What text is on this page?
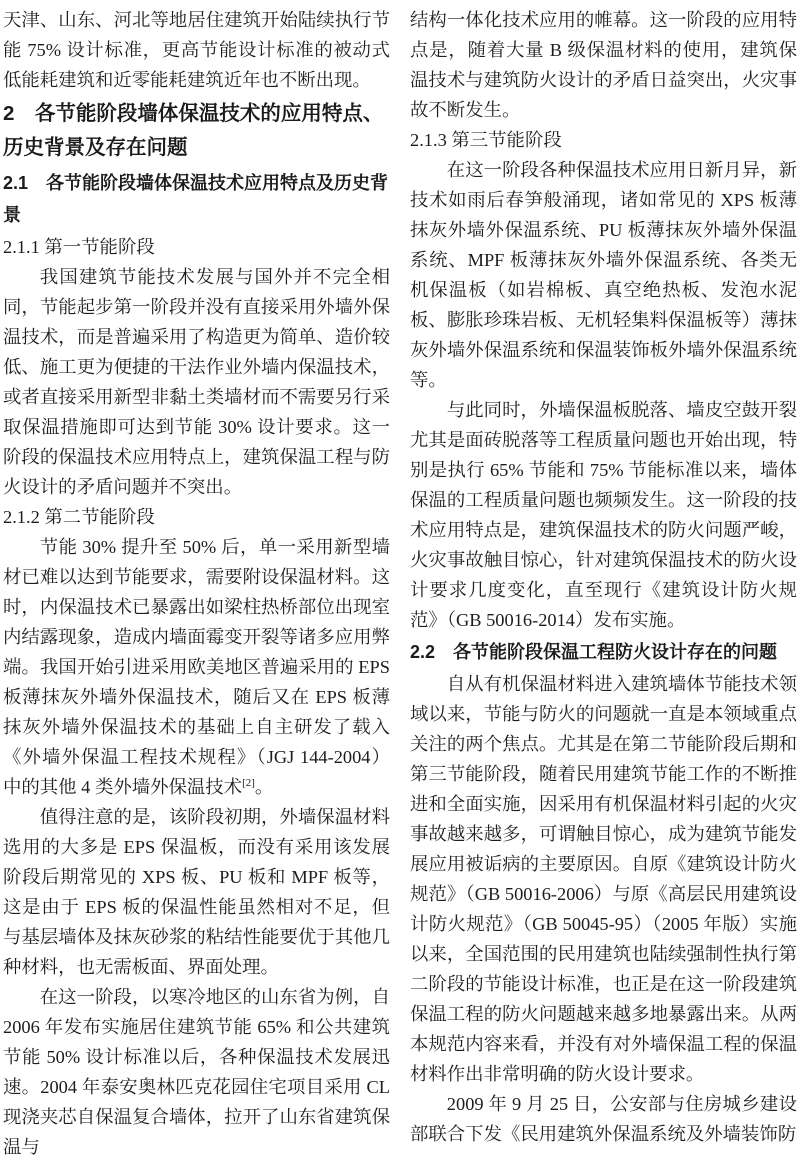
天津、山东、河北等地居住建筑开始陆续执行节能 75% 设计标准，更高节能设计标准的被动式低能耗建筑和近零能耗建筑近年也不断出现。

2　各节能阶段墙体保温技术的应用特点、历史背景及存在问题
2.1　各节能阶段墙体保温技术应用特点及历史背景
2.1.1 第一节能阶段

我国建筑节能技术发展与国外并不完全相同，节能起步第一阶段并没有直接采用外墙外保温技术，而是普遍采用了构造更为简单、造价较低、施工更为便捷的干法作业外墙内保温技术，或者直接采用新型非黏土类墙材而不需要另行采取保温措施即可达到节能 30% 设计要求。这一阶段的保温技术应用特点上，建筑保温工程与防火设计的矛盾问题并不突出。

2.1.2 第二节能阶段

节能 30% 提升至 50% 后，单一采用新型墙材已难以达到节能要求，需要附设保温材料。这时，内保温技术已暴露出如梁柱热桥部位出现室内结露现象，造成内墙面霉变开裂等诸多应用弊端。我国开始引进采用欧美地区普遍采用的 EPS 板薄抹灰外墙外保温技术，随后又在 EPS 板薄抹灰外墙外保温技术的基础上自主研发了载入《外墙外保温工程技术规程》（JGJ 144-2004）中的其他 4 类外墙外保温技术[2]。

值得注意的是，该阶段初期，外墙保温材料选用的大多是 EPS 保温板，而没有采用该发展阶段后期常见的 XPS 板、PU 板和 MPF 板等，这是由于 EPS 板的保温性能虽然相对不足，但与基层墙体及抹灰砂浆的粘结性能要优于其他几种材料，也无需板面、界面处理。

在这一阶段，以寒冷地区的山东省为例，自 2006 年发布实施居住建筑节能 65% 和公共建筑节能 50% 设计标准以后，各种保温技术发展迅速。2004 年泰安奥林匹克花园住宅项目采用 CL 现浇夹芯自保温复合墙体，拉开了山东省建筑保温与

结构一体化技术应用的帷幕。这一阶段的应用特点是，随着大量 B 级保温材料的使用，建筑保温技术与建筑防火设计的矛盾日益突出，火灾事故不断发生。

2.1.3 第三节能阶段

在这一阶段各种保温技术应用日新月异，新技术如雨后春笋般涌现，诸如常见的 XPS 板薄抹灰外墙外保温系统、PU 板薄抹灰外墙外保温系统、MPF 板薄抹灰外墙外保温系统、各类无机保温板（如岩棉板、真空绝热板、发泡水泥板、膨胀珍珠岩板、无机轻集料保温板等）薄抹灰外墙外保温系统和保温装饰板外墙外保温系统等。

与此同时，外墙保温板脱落、墙皮空鼓开裂尤其是面砖脱落等工程质量问题也开始出现，特别是执行 65% 节能和 75% 节能标准以来，墙体保温的工程质量问题也频频发生。这一阶段的技术应用特点是，建筑保温技术的防火问题严峻，火灾事故触目惊心，针对建筑保温技术的防火设计要求几度变化，直至现行《建筑设计防火规范》（GB 50016-2014）发布实施。

2.2　各节能阶段保温工程防火设计存在的问题

自从有机保温材料进入建筑墙体节能技术领域以来，节能与防火的问题就一直是本领域重点关注的两个焦点。尤其是在第二节能阶段后期和第三节能阶段，随着民用建筑节能工作的不断推进和全面实施，因采用有机保温材料引起的火灾事故越来越多，可谓触目惊心，成为建筑节能发展应用被诟病的主要原因。自原《建筑设计防火规范》（GB 50016-2006）与原《高层民用建筑设计防火规范》（GB 50045-95）（2005 年版）实施以来，全国范围的民用建筑也陆续强制性执行第二阶段的节能设计标准，也正是在这一阶段建筑保温工程的防火问题越来越多地暴露出来。从两本规范内容来看，并没有对外墙保温工程的保温材料作出非常明确的防火设计要求。

2009 年 9 月 25 日，公安部与住房城乡建设部联合下发《民用建筑外保温系统及外墙装饰防
